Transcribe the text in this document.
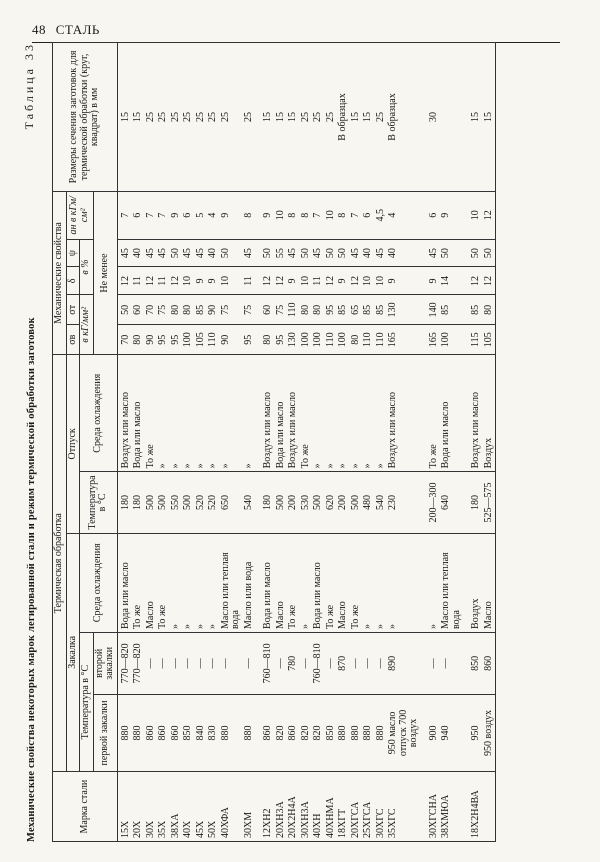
48 СТАЛЬ
Механические свойства некоторых марок легированной стали и режим термической обработки заготовок
Таблица 33
Марка стали	Термическая обработка					Механические свойства					Размеры сечения заготовок для термической обработки (круг, квадрат) в мм
	Закалка			Отпуск		σв	σт	δ	ψ	aн в кГм/см²	
	Температура в °С		Среда охлаждения	Температура в °С	Среда охлаждения	в кГ/мм²		в %			
	первой закалки	второй закалки				Не менее					
15Х	880	770—820	Вода или масло	180	Воздух или масло	70	50	12	45	7	15
20Х	880	770—820	То же	180	Вода или масло	80	60	11	40	6	15
30Х	860	—	Масло	500	То же	90	70	12	45	7	25
35Х	860	—	То же	500	»	95	75	11	45	7	25
38ХА	860	—	»	550	»	95	80	12	50	9	25
40Х	850	—	»	500	»	100	80	10	45	6	25
45Х	840	—	»	520	»	105	85	9	45	5	25
50Х	830	—	»	520	»	110	90	9	40	4	25
40ХФА	880	—	Масло или теплая вода	650	»	90	75	10	50	9	25
30ХМ	880	—	Масло или вода	540	»	95	75	11	45	8	25
12ХН2	860	760—810	Вода или масло	180	Воздух или масло	80	60	12	50	9	15
20ХН3А	820	—	Масло	500	Вода или масло	95	75	12	55	10	15
20Х2Н4А	860	780	То же	200	Воздух или масло	130	110	9	45	8	15
30ХН3А	820	—	»	530	То же	100	80	10	50	8	25
40ХН	820	760—810	Вода или масло	500	»	100	80	11	45	7	25
40ХНМА	850	—	То же	620	»	110	95	12	50	10	25
18ХГТ	880	870	Масло	200	»	100	85	9	50	8	В образцах
20ХГСА	880	—	То же	500	»	80	65	12	45	7	15
25ХГСА	880	—	»	480	»	110	85	10	40	6	15
30ХГС	880	—	»	540	»	110	85	10	45	4,5	25
35ХГС	950 масло отпуск 700 воздух	890	»	230	Воздух или масло	165	130	9	40	4	В образцах
30ХГСНА	900	—	»	200—300	То же	165	140	9	45	6	30
38ХМЮА	940	—	Масло или теплая вода	640	Вода или масло	100	85	14	50	9	
18Х2Н4ВА	950	850	Воздух	180	Воздух или масло	115	85	12	50	10	15
	950 воздух	860	Масло	525—575	Воздух	105	80	12	50	12	15
